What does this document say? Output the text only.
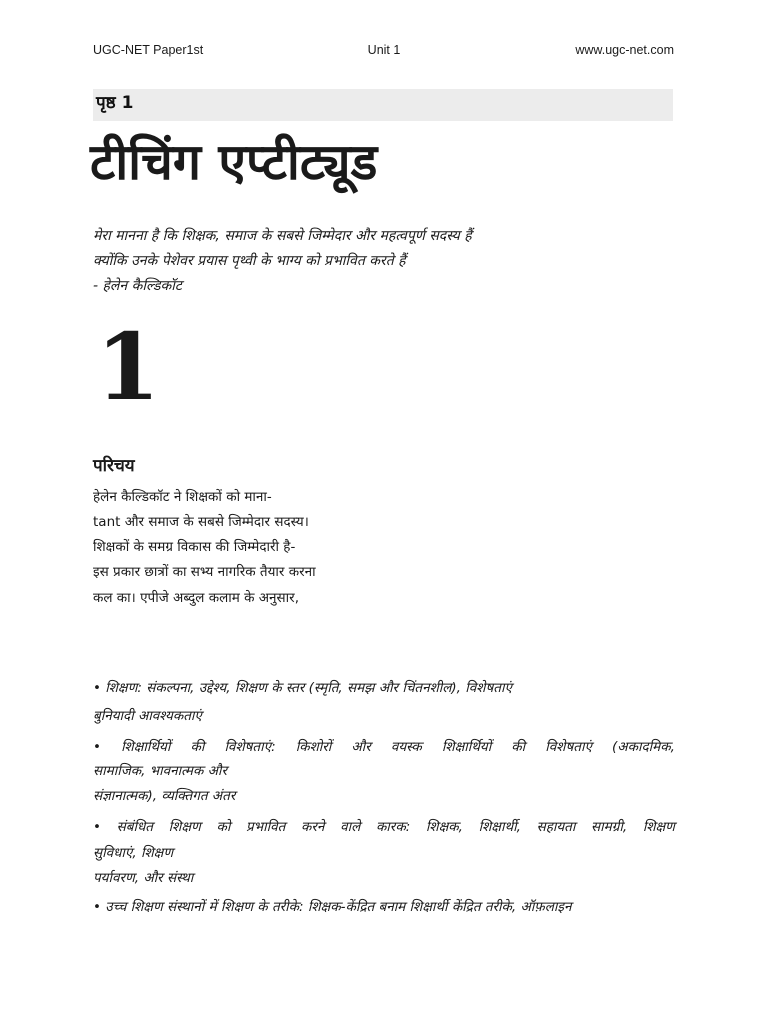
UGC-NET Paper1st	Unit 1	www.ugc-net.com
पृष्ठ 1
टीचिंग एप्टीट्यूड
मेरा मानना है कि शिक्षक, समाज के सबसे जिम्मेदार और महत्वपूर्ण सदस्य हैं
क्योंकि उनके पेशेवर प्रयास पृथ्वी के भाग्य को प्रभावित करते हैं
- हेलेन कैल्डिकॉट
1
परिचय
हेलेन कैल्डिकॉट ने शिक्षकों को माना-
tant और समाज के सबसे जिम्मेदार सदस्य।
शिक्षकों के समग्र विकास की जिम्मेदारी है-
इस प्रकार छात्रों का सभ्य नागरिक तैयार करना
कल का। एपीजे अब्दुल कलाम के अनुसार,
• शिक्षण: संकल्पना, उद्देश्य, शिक्षण के स्तर (स्मृति, समझ और चिंतनशील), विशेषताएं
बुनियादी आवश्यकताएं
• शिक्षार्थियों की विशेषताएं: किशोरों और वयस्क शिक्षार्थियों की विशेषताएं (अकादमिक,
सामाजिक, भावनात्मक और
संज्ञानात्मक), व्यक्तिगत अंतर
• संबंधित शिक्षण को प्रभावित करने वाले कारक: शिक्षक, शिक्षार्थी, सहायता सामग्री, शिक्षण
सुविधाएं, शिक्षण
पर्यावरण, और संस्था
• उच्च शिक्षण संस्थानों में शिक्षण के तरीके: शिक्षक-केंद्रित बनाम शिक्षार्थी केंद्रित तरीके, ऑफ़लाइन
